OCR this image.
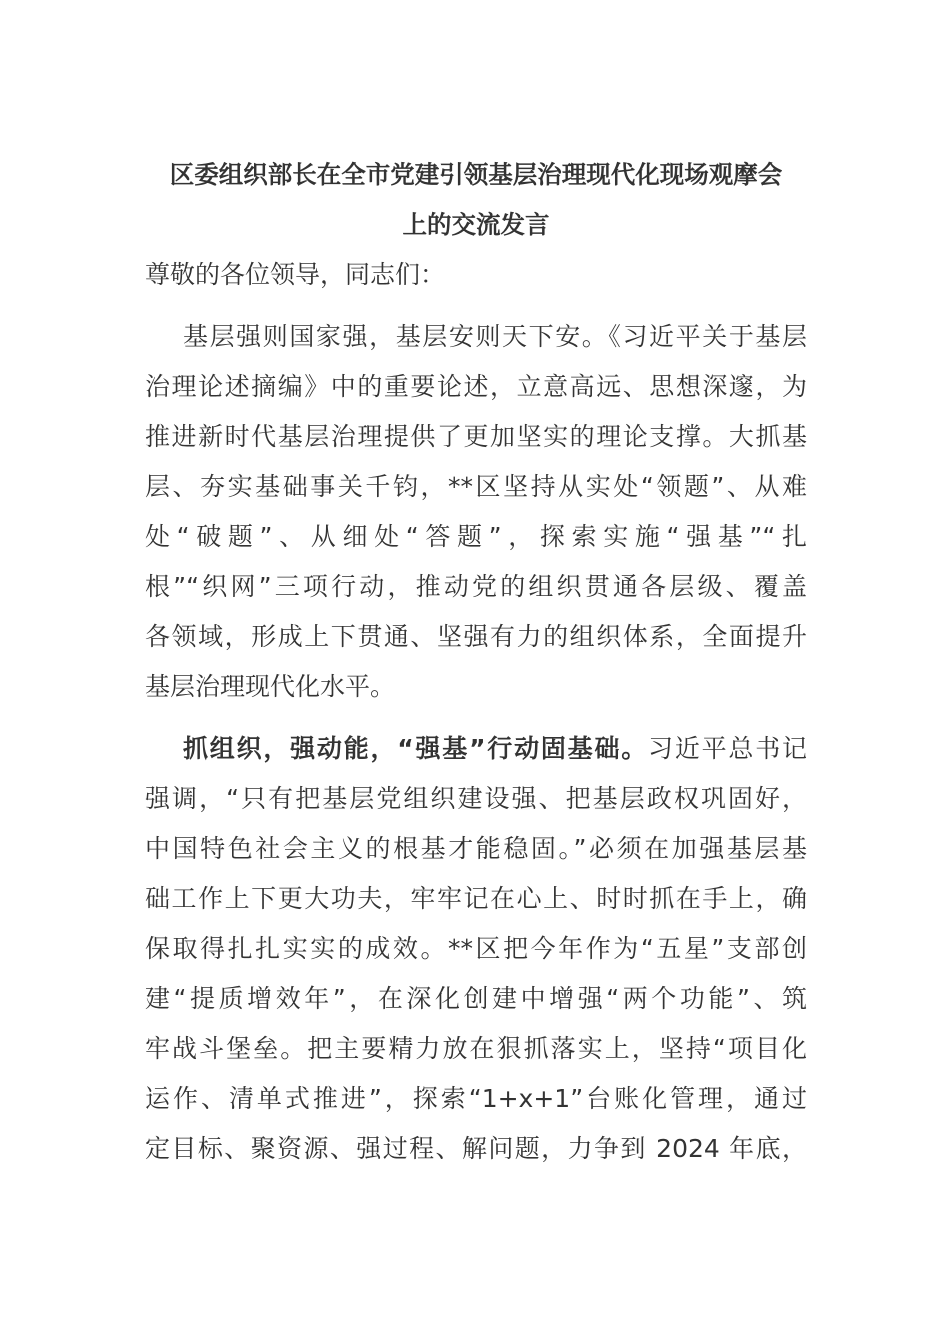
区委组织部长在全市党建引领基层治理现代化现场观摩会
上的交流发言
尊敬的各位领导，同志们：
基层强则国家强，基层安则天下安。《习近平关于基层
治理论述摘编》中的重要论述，立意高远、思想深邃，为
推进新时代基层治理提供了更加坚实的理论支撑。大抓基
层、夯实基础事关千钧，**区坚持从实处“领题”、从难
处“破题”、从细处“答题”，探索实施“强基”“扎
根”“织网”三项行动，推动党的组织贯通各层级、覆盖
各领域，形成上下贯通、坚强有力的组织体系，全面提升
基层治理现代化水平。
抓组织，强动能，“强基”行动固基础。习近平总书记
强调，“只有把基层党组织建设强、把基层政权巩固好，
中国特色社会主义的根基才能稳固。”必须在加强基层基
础工作上下更大功夫，牢牢记在心上、时时抓在手上，确
保取得扎扎实实的成效。**区把今年作为“五星”支部创
建“提质增效年”，在深化创建中增强“两个功能”、筑
牢战斗堡垒。把主要精力放在狠抓落实上，坚持“项目化
运作、清单式推进”，探索“1+x+1”台账化管理，通过
定目标、聚资源、强过程、解问题，力争到 2024 年底，
